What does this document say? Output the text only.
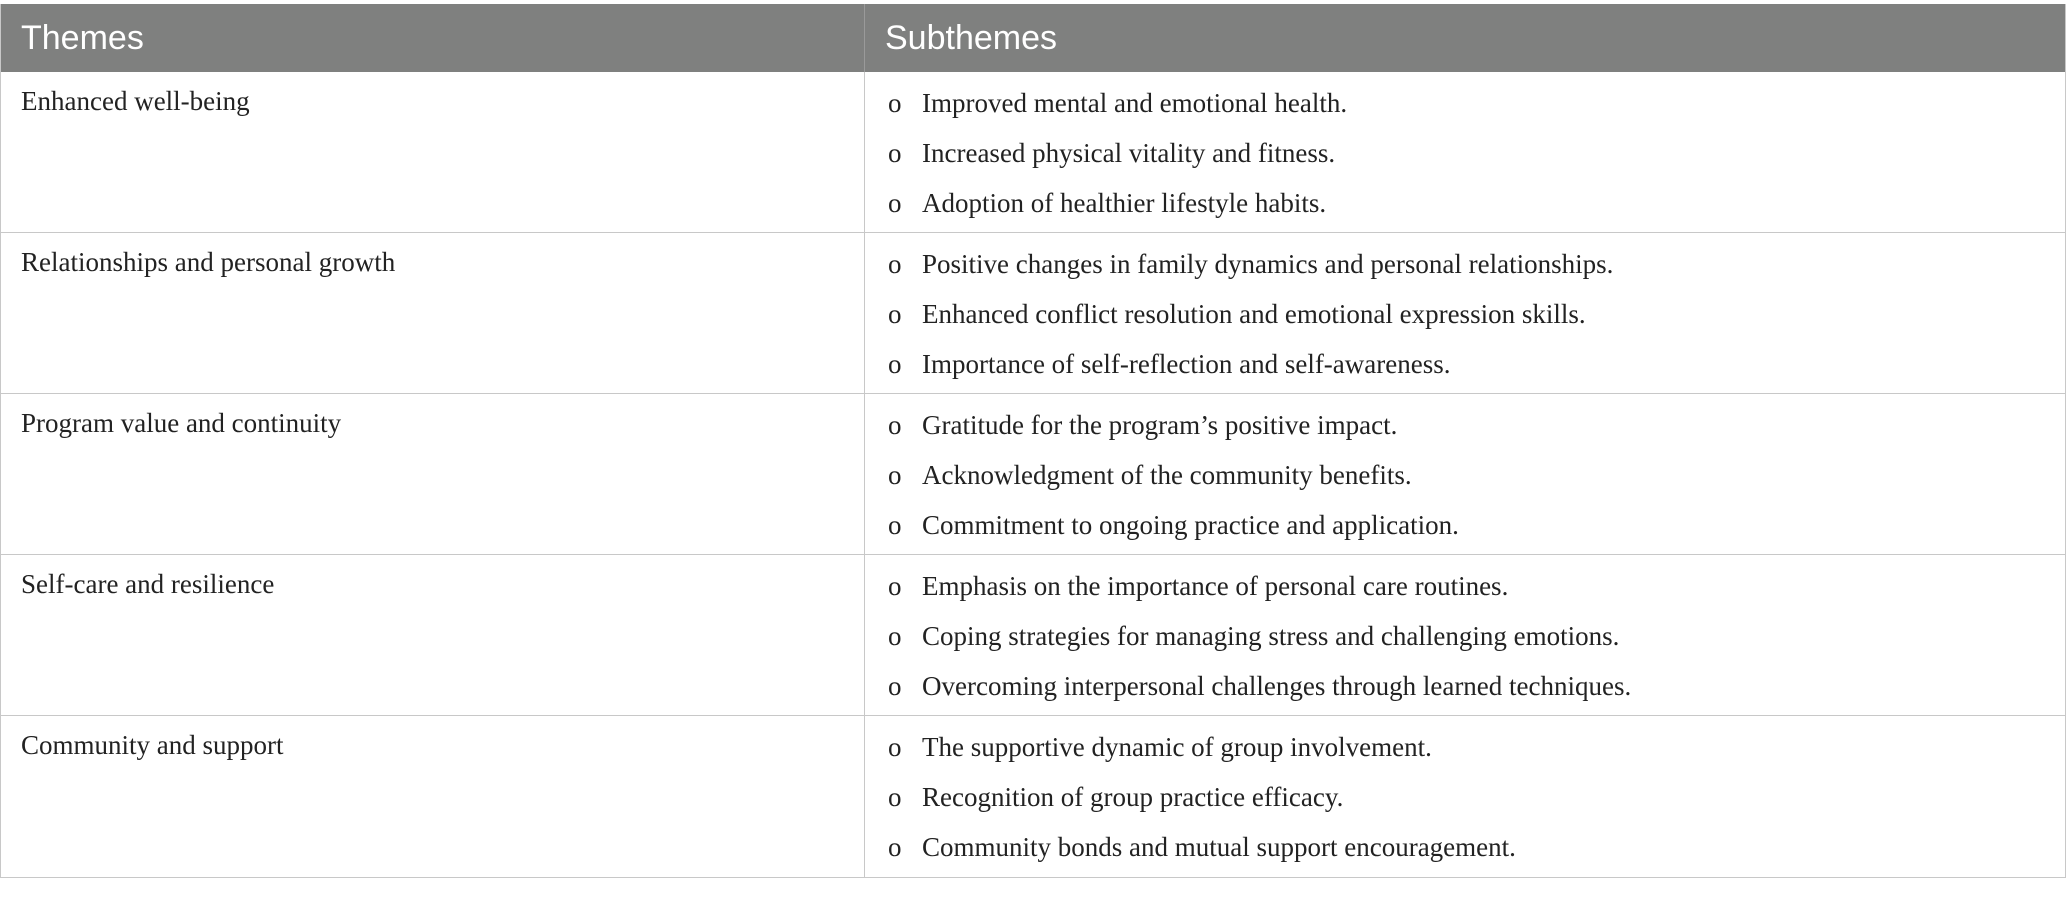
Themes	Subthemes
Enhanced well-being	o Improved mental and emotional health.
o Increased physical vitality and fitness.
o Adoption of healthier lifestyle habits.
Relationships and personal growth	o Positive changes in family dynamics and personal relationships.
o Enhanced conflict resolution and emotional expression skills.
o Importance of self-reflection and self-awareness.
Program value and continuity	o Gratitude for the program’s positive impact.
o Acknowledgment of the community benefits.
o Commitment to ongoing practice and application.
Self-care and resilience	o Emphasis on the importance of personal care routines.
o Coping strategies for managing stress and challenging emotions.
o Overcoming interpersonal challenges through learned techniques.
Community and support	o The supportive dynamic of group involvement.
o Recognition of group practice efficacy.
o Community bonds and mutual support encouragement.
